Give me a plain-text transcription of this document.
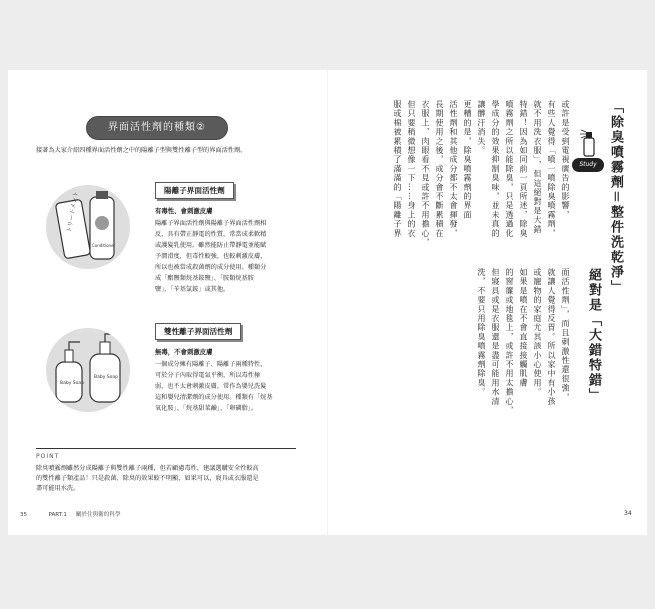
界面活性劑的種類②
接著為大家介紹四種界面活性劑之中的陽離子型與雙性離子型的界面活性劑。
トリートメント
Conditioner
陽離子界面活性劑
有毒性、會刺激皮膚
陽離子界面活性劑與陽離子界面活性劑相
反，具有帶正靜電的性質，常當成柔軟精
或護髮乳使用。雖然能防止帶靜電並能賦
予潤滑度，但毒性較強，也較刺激皮膚，
所以也被當成殺菌劑的成分使用。種類分
成「酯鹽類烷基銨鹽」、「胺類烷基胺
鹽」、「苄基氯銨」或其他。
Baby Soap
Baby Soap
雙性離子界面活性劑
無毒，不會刺激皮膚
一個成分擁有陽離子、陽離子兩種特性，
可於分子內取得電氣平衡，所以毒性極
弱，也不太會刺激皮膚，常作為嬰兒洗髮
這和嬰兒清潔劑的成分使用。種類有「烷基
氧化胺」、「烷基甜菜鹼」、「卵磷脂」。
POINT
除臭噴霧劑雖然分成陽離子與雙性離子兩種，但若顧慮毒性，建議選購安全性較高
的雙性離子類產品！只是殺菌、除臭的效果較不明顯，如果可以，寢具或衣服還是
盡可能用水洗。
35	PART.1 關於住與衛的科學
Study 「除臭噴霧劑＝整件洗乾淨」
絕對是「大錯特錯」
或許是受到電視廣告的影響，
有些人覺得「噴一噴除臭噴霧劑，
就不用洗衣服」，但這絕對是大錯
特錯！因為如同前一頁所述，除臭
噴霧劑之所以能除臭，只是透過化
學成分的效果抑制臭味，並未真的
讓髒汙消失。
更糟的是，除臭噴霧劑的界面
活性劑和其他成分都不太會揮發，
長期使用之後，成分會不斷累積在
衣服上，肉眼看不見或許不用擔心，
但只要稍微想像一下……身上的衣
服或棉被累積了滿滿的「陽離子界
面活性劑」，而且刺激性還很強，
就讓人覺得反胃。所以家中有小孩
或寵物的家庭尤其該小心使用。
如果是噴在不會直接接觸肌膚
的窗簾或地毯上，或許不用太擔心，
但寢具或是衣服還是盡可能用水清
洗，不要只用除臭噴霧劑除臭。
34
